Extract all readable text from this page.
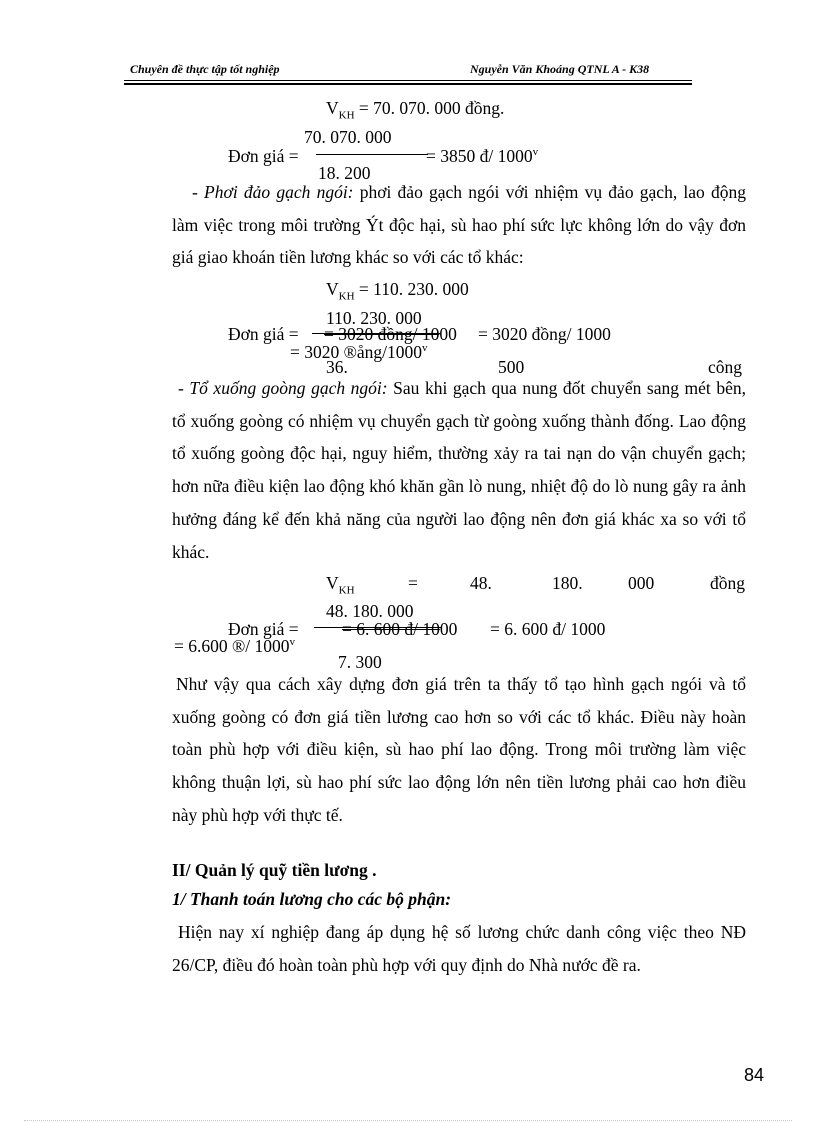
Chuyên đề thực tập tốt nghiệp	Nguyễn Văn Khoáng QTNL A - K38
$V_{KH} = 70$. 070. 000 đồng.
70. 070. 000
Đơn giá =	= 3850 đ/ 1000$^v$
18. 200
- Phơi đảo gạch ngói: phơi đảo gạch ngói với nhiệm vụ đảo gạch, lao động làm việc trong môi trường Ýt độc hại, sù hao phí sức lực không lớn do vậy đơn giá giao khoán tiền lương khác so với các tổ khác:
$V_{KH} = 110$. 230. 000
110. 230. 000
Đơn giá = = 3020 đồng/ 1000 = 3020 đồng/ 1000
= 3020 ®ång/1000$^v$
36.	500	công
- Tổ xuống goòng gạch ngói: Sau khi gạch qua nung đốt chuyển sang mét bên, tổ xuống goòng có nhiệm vụ chuyển gạch từ goòng xuống thành đống. Lao động tổ xuống goòng độc hại, nguy hiểm, thường xảy ra tai nạn do vận chuyển gạch; hơn nữa điều kiện lao động khó khăn gần lò nung, nhiệt độ do lò nung gây ra ảnh hưởng đáng kể đến khả năng của người lao động nên đơn giá khác xa so với tổ khác.
$V_{KH}$	=	48.	180.	000	đồng
48. 180. 000
Đơn giá = = 6. 600 đ/ 1000 = 6. 600 đ/ 1000
= 6.600 ®/ 1000$^v$
7. 300
Như vậy qua cách xây dựng đơn giá trên ta thấy tổ tạo hình gạch ngói và tổ xuống goòng có đơn giá tiền lương cao hơn so với các tổ khác. Điều này hoàn toàn phù hợp với điều kiện, sù hao phí lao động. Trong môi trường làm việc không thuận lợi, sù hao phí sức lao động lớn nên tiền lương phải cao hơn điều này phù hợp với thực tế.
II/ Quản lý quỹ tiền lương .
1/ Thanh toán lương cho các bộ phận:
Hiện nay xí nghiệp đang áp dụng hệ số lương chức danh công việc theo NĐ 26/CP, điều đó hoàn toàn phù hợp với quy định do Nhà nước đề ra.
84
